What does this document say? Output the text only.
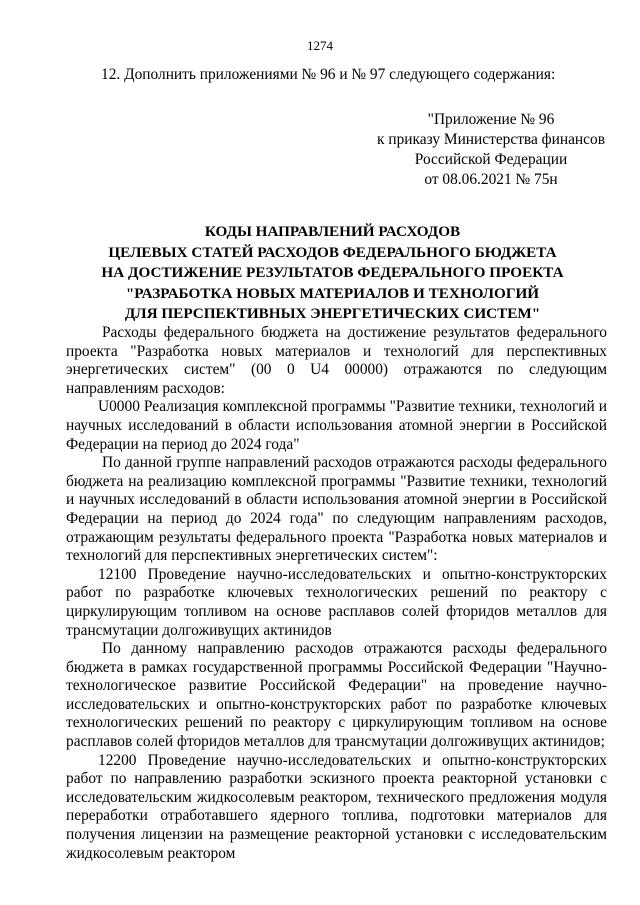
1274
12. Дополнить приложениями № 96 и № 97 следующего содержания:
"Приложение № 96
к приказу Министерства финансов
Российской Федерации
от 08.06.2021 № 75н
КОДЫ НАПРАВЛЕНИЙ РАСХОДОВ
ЦЕЛЕВЫХ СТАТЕЙ РАСХОДОВ ФЕДЕРАЛЬНОГО БЮДЖЕТА
НА ДОСТИЖЕНИЕ РЕЗУЛЬТАТОВ ФЕДЕРАЛЬНОГО ПРОЕКТА
"РАЗРАБОТКА НОВЫХ МАТЕРИАЛОВ И ТЕХНОЛОГИЙ
ДЛЯ ПЕРСПЕКТИВНЫХ ЭНЕРГЕТИЧЕСКИХ СИСТЕМ"

Расходы федерального бюджета на достижение результатов федерального проекта "Разработка новых материалов и технологий для перспективных энергетических систем" (00 0 U4 00000) отражаются по следующим направлениям расходов:

U0000 Реализация комплексной программы "Развитие техники, технологий и научных исследований в области использования атомной энергии в Российской Федерации на период до 2024 года"

По данной группе направлений расходов отражаются расходы федерального бюджета на реализацию комплексной программы "Развитие техники, технологий и научных исследований в области использования атомной энергии в Российской Федерации на период до 2024 года" по следующим направлениям расходов, отражающим результаты федерального проекта "Разработка новых материалов и технологий для перспективных энергетических систем":

12100 Проведение научно-исследовательских и опытно-конструкторских работ по разработке ключевых технологических решений по реактору с циркулирующим топливом на основе расплавов солей фторидов металлов для трансмутации долгоживущих актинидов

По данному направлению расходов отражаются расходы федерального бюджета в рамках государственной программы Российской Федерации "Научно-технологическое развитие Российской Федерации" на проведение научно-исследовательских и опытно-конструкторских работ по разработке ключевых технологических решений по реактору с циркулирующим топливом на основе расплавов солей фторидов металлов для трансмутации долгоживущих актинидов;

12200 Проведение научно-исследовательских и опытно-конструкторских работ по направлению разработки эскизного проекта реакторной установки с исследовательским жидкосолевым реактором, технического предложения модуля переработки отработавшего ядерного топлива, подготовки материалов для получения лицензии на размещение реакторной установки с исследовательским жидкосолевым реактором
